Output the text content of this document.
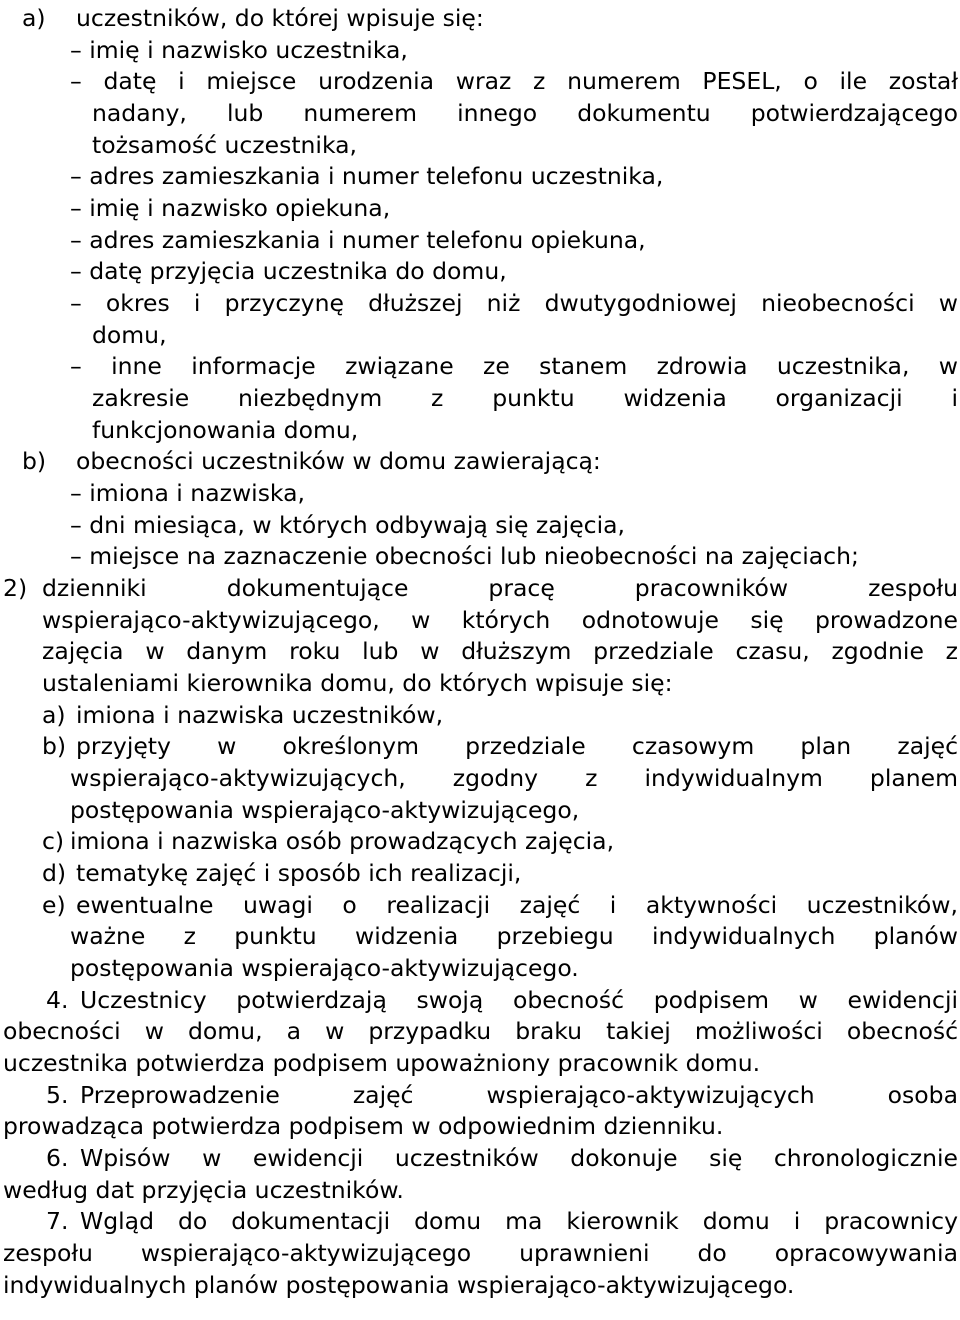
a) uczestników, do której wpisuje się:
– imię i nazwisko uczestnika,
– datę i miejsce urodzenia wraz z numerem PESEL, o ile został
nadany, lub numerem innego dokumentu potwierdzającego
tożsamość uczestnika,
– adres zamieszkania i numer telefonu uczestnika,
– imię i nazwisko opiekuna,
– adres zamieszkania i numer telefonu opiekuna,
– datę przyjęcia uczestnika do domu,
– okres i przyczynę dłuższej niż dwutygodniowej nieobecności w
domu,
– inne informacje związane ze stanem zdrowia uczestnika, w
zakresie niezbędnym z punktu widzenia organizacji i
funkcjonowania domu,
b) obecności uczestników w domu zawierającą:
– imiona i nazwiska,
– dni miesiąca, w których odbywają się zajęcia,
– miejsce na zaznaczenie obecności lub nieobecności na zajęciach;
2) dzienniki dokumentujące pracę pracowników zespołu
wspierająco-aktywizującego, w których odnotowuje się prowadzone
zajęcia w danym roku lub w dłuższym przedziale czasu, zgodnie z
ustaleniami kierownika domu, do których wpisuje się:
a) imiona i nazwiska uczestników,
b) przyjęty w określonym przedziale czasowym plan zajęć
wspierająco-aktywizujących, zgodny z indywidualnym planem
postępowania wspierająco-aktywizującego,
c) imiona i nazwiska osób prowadzących zajęcia,
d) tematykę zajęć i sposób ich realizacji,
e) ewentualne uwagi o realizacji zajęć i aktywności uczestników,
ważne z punktu widzenia przebiegu indywidualnych planów
postępowania wspierająco-aktywizującego.
4. Uczestnicy potwierdzają swoją obecność podpisem w ewidencji
obecności w domu, a w przypadku braku takiej możliwości obecność
uczestnika potwierdza podpisem upoważniony pracownik domu.
5. Przeprowadzenie zajęć wspierająco-aktywizujących osoba
prowadząca potwierdza podpisem w odpowiednim dzienniku.
6. Wpisów w ewidencji uczestników dokonuje się chronologicznie
według dat przyjęcia uczestników.
7. Wgląd do dokumentacji domu ma kierownik domu i pracownicy
zespołu wspierająco-aktywizującego uprawnieni do opracowywania
indywidualnych planów postępowania wspierająco-aktywizującego.
